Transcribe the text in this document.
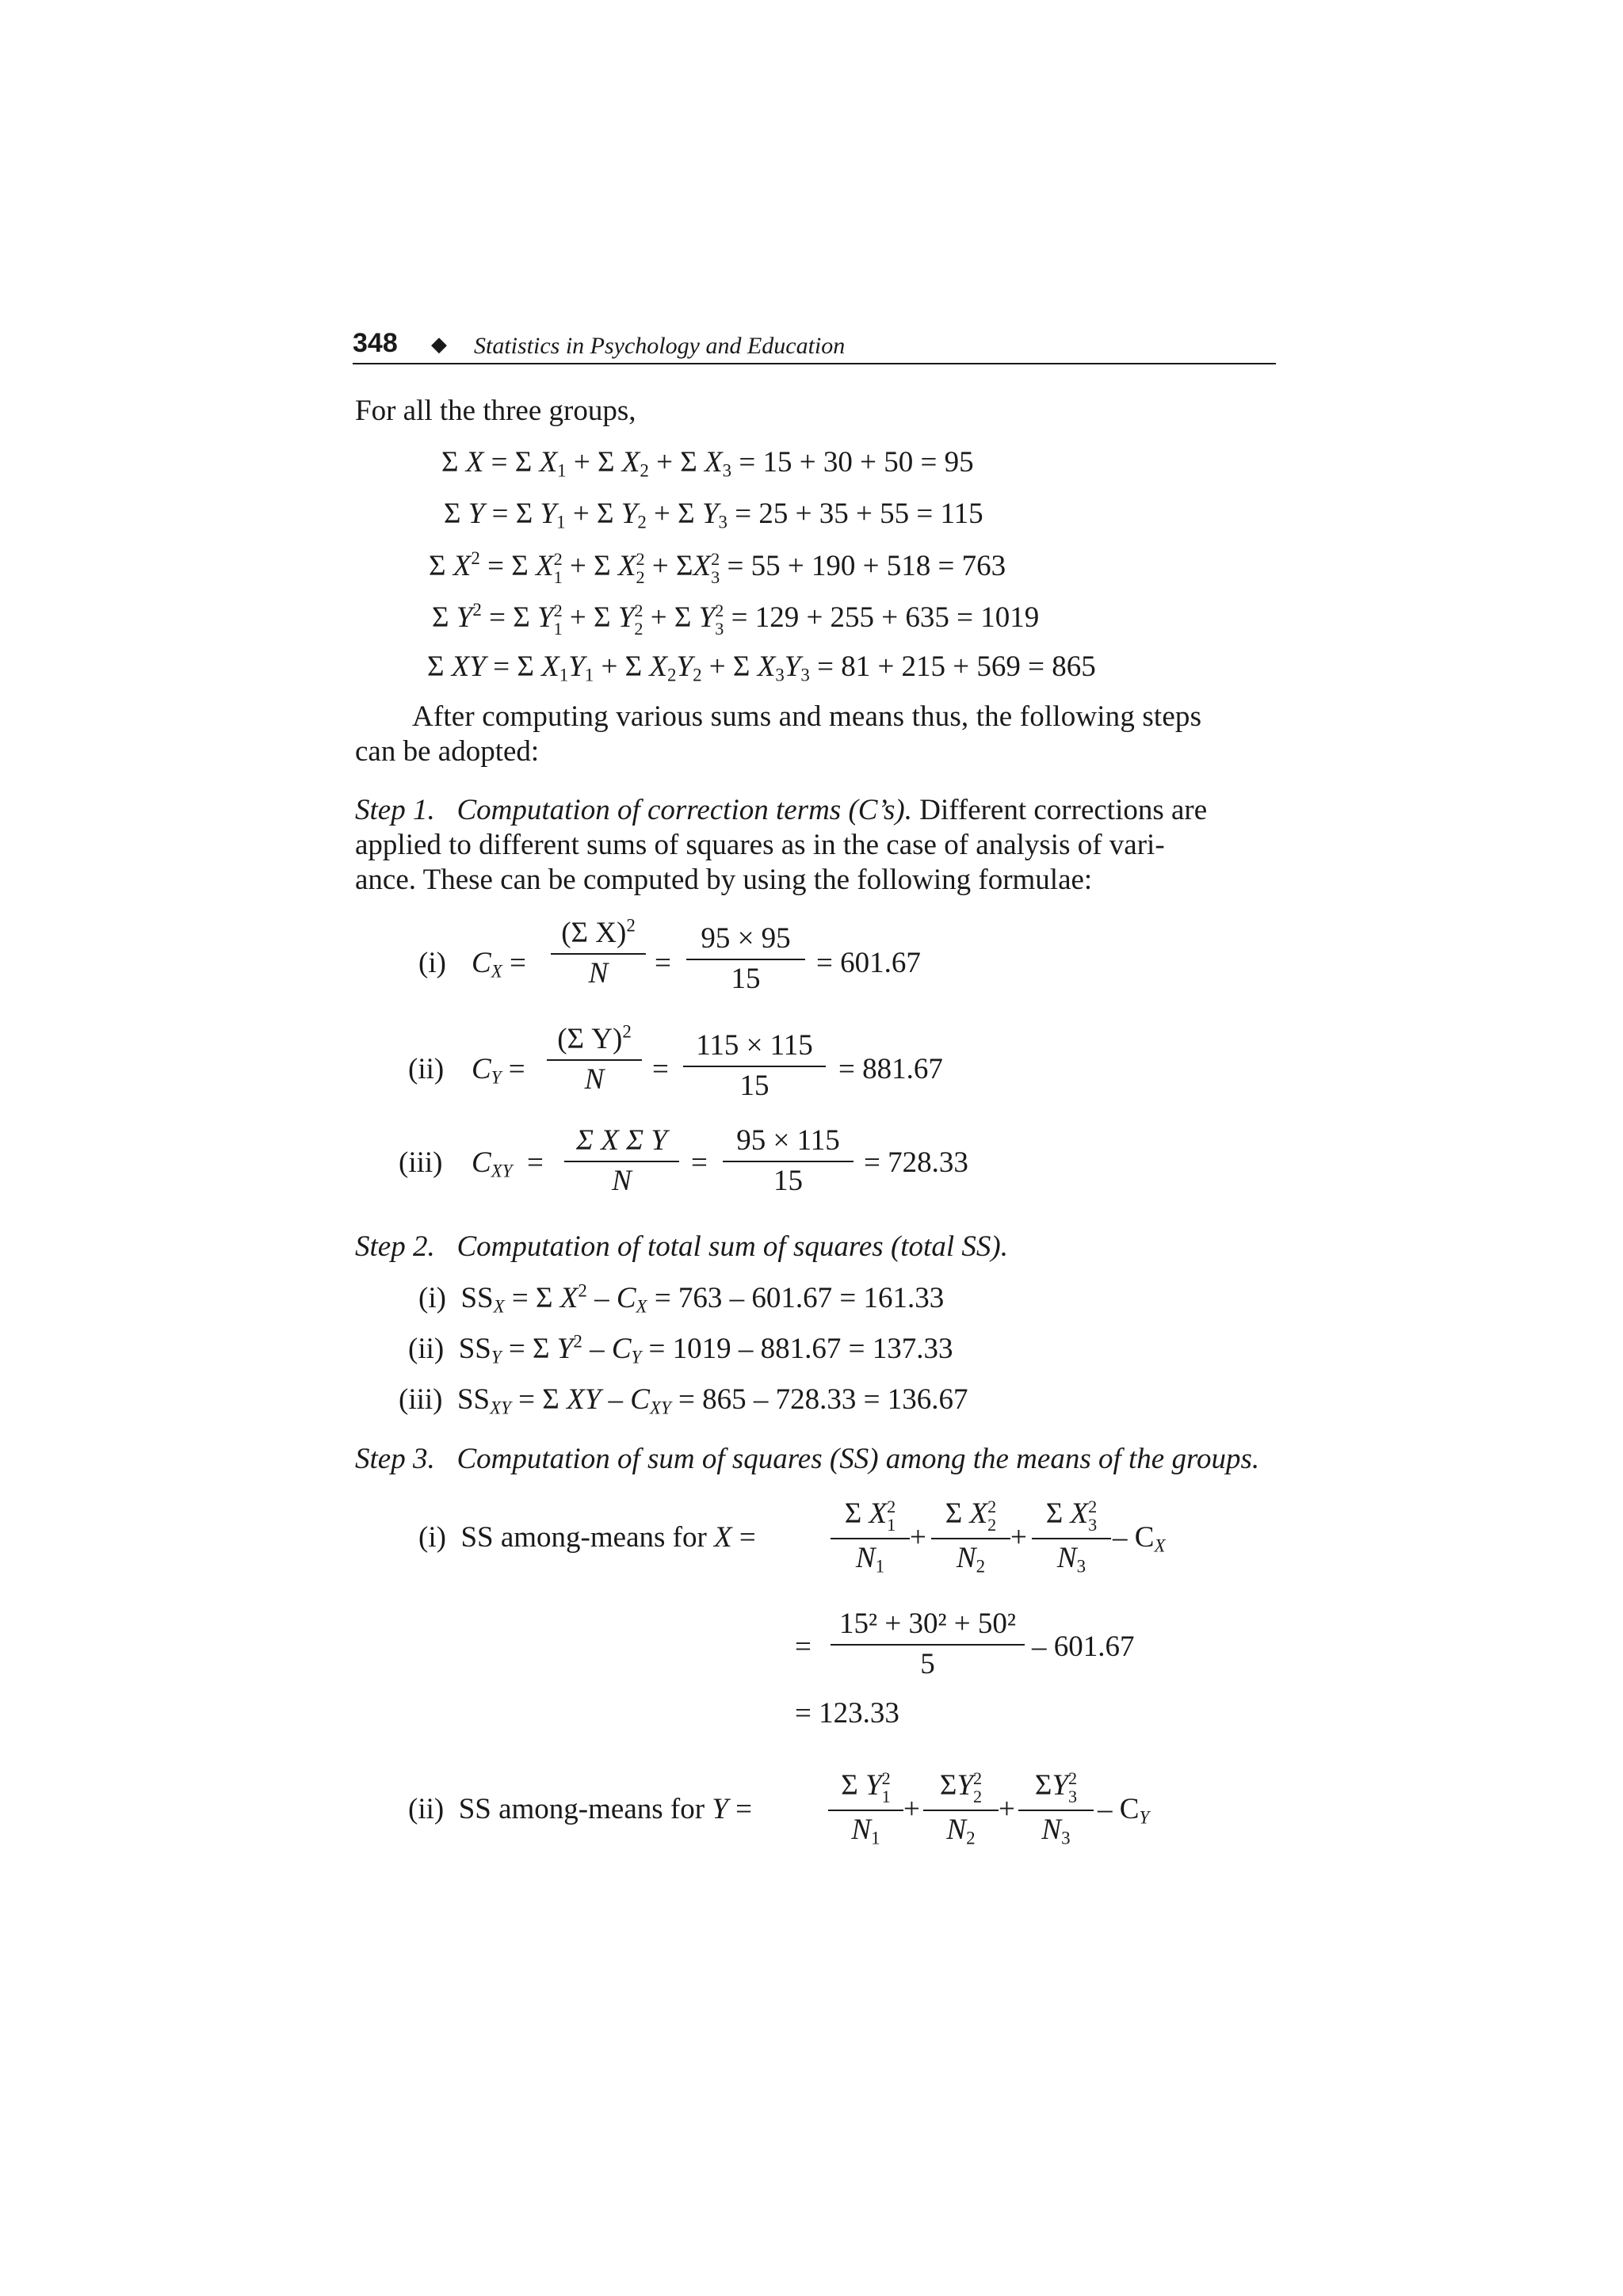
348 ◆ Statistics in Psychology and Education
For all the three groups,
Σ X = Σ $X_1 + \Sigma$ $X_2 + \Sigma$ $X_3 = 15 + 30 + 50 = 95$
Σ Y = Σ $Y_1 + \Sigma$ $Y_2 + \Sigma$ $Y_3 = 25 + 35 + 55 = 115$
Σ $X^2 = \Sigma$ X 2
1 + Σ X 2
2 + ΣX 2
3 = 55 + 190 + 518 = 763
Σ $Y^2 = \Sigma$ Y 2
1 + Σ Y 2
2 + Σ Y 2
3 = 129 + 255 + 635 = 1019
Σ XY = Σ $X_1Y_1 + \Sigma$ $X_2Y_2 + \Sigma$ $X_3Y_3 = 81 + 215 + 569 = 865$
After computing various sums and means thus, the following steps
can be adopted:
Step 1. Computation of correction terms (C’s). Different corrections are
applied to different sums of squares as in the case of analysis of vari-
ance. These can be computed by using the following formulae:
(i) $C_X$ =
(Σ X)$^2$
N	=
95 × 95
15	= 601.67
(ii) $C_Y$ =
(Σ Y)$^2$
N	=
115 × 115
15
= 881.67
(iii) $C_{XY}$  =
Σ X Σ Y
N
=
95 × 115
15
= 728.33
Step 2. Computation of total sum of squares (total SS).
(i) $SS_X = \Sigma$ $X^2 - C_X = 763 - 601.67 = 161.33$
(ii) $SS_Y = \Sigma$ $Y^2 - C_Y = 1019 - 881.67 = 137.33$
(iii) $SS_{XY} = \Sigma$ XY – $C_{XY} = 865 - 728.33 = 136.67$
Step 3. Computation of sum of squares (SS) among the means of the groups.
(i) SS among-means for X =
Σ X 2
1
$N_1$
+
Σ X 2
2
$N_2$
+
Σ X 2
3
$N_3$
– $C_X$
=
15² + 30² + 50²
5
– 601.67
= 123.33
(ii) SS among-means for Y =
Σ Y 2
1
$N_1$
+
ΣY 2
2
$N_2$
+
ΣY 2
3
$N_3$
– $C_Y$
